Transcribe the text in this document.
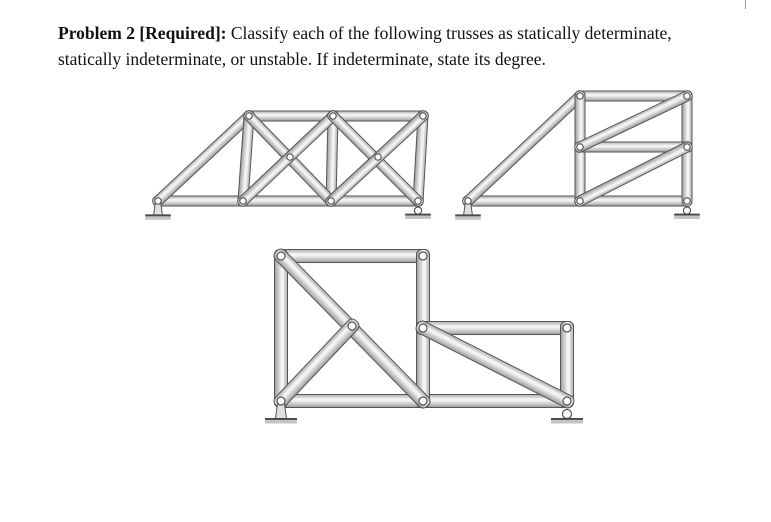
Problem 2 [Required]: Classify each of the following trusses as statically determinate,
statically indeterminate, or unstable. If indeterminate, state its degree.
